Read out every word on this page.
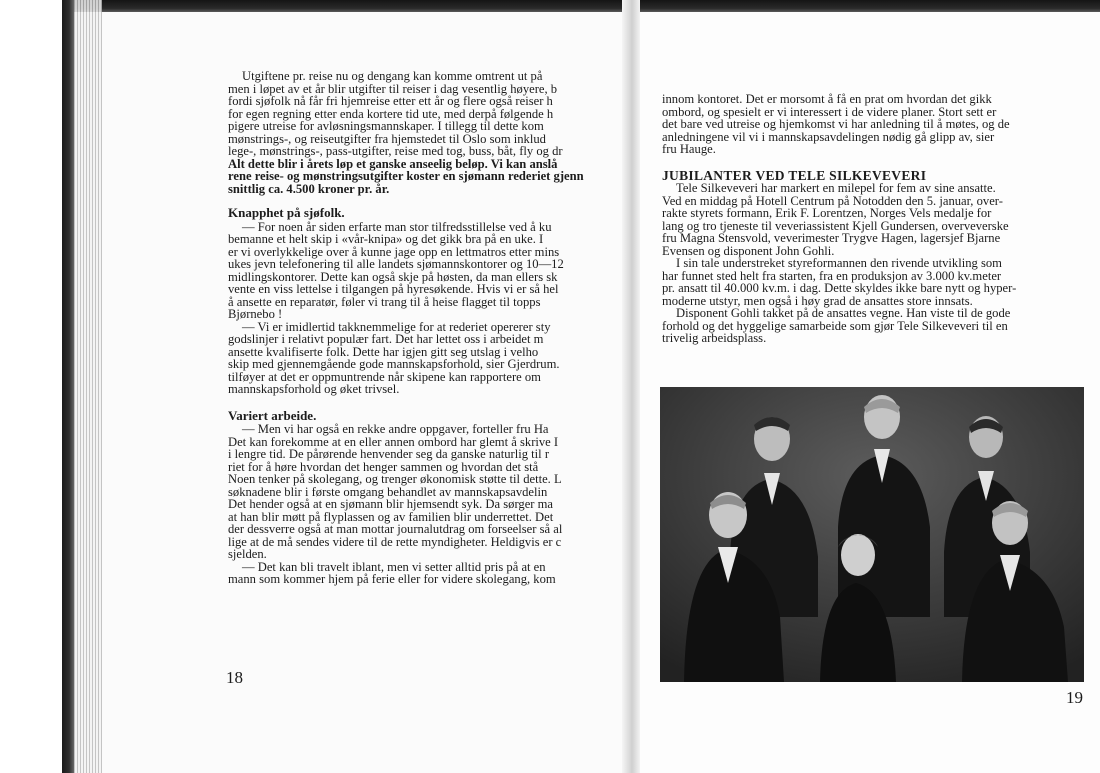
Utgiftene pr. reise nu og dengang kan komme omtrent ut på

men i løpet av et år blir utgifter til reiser i dag vesentlig høyere, b

fordi sjøfolk nå får fri hjemreise etter ett år og flere også reiser h

for egen regning etter enda kortere tid ute, med derpå følgende h

pigere utreise for avløsningsmannskaper. I tillegg til dette kom

mønstrings-, og reiseutgifter fra hjemstedet til Oslo som inklud

lege-, mønstrings-, pass-utgifter, reise med tog, buss, båt, fly og dr

Alt dette blir i årets løp et ganske anseelig beløp. Vi kan anslå

rene reise- og mønstringsutgifter koster en sjømann rederiet gjenn

snittlig ca. 4.500 kroner pr. år.

Knapphet på sjøfolk.

— For noen år siden erfarte man stor tilfredsstillelse ved å ku

bemanne et helt skip i «vår-knipa» og det gikk bra på en uke. I

er vi overlykkelige over å kunne jage opp en lettmatros etter mins

ukes jevn telefonering til alle landets sjømannskontorer og 10—12

midlingskontorer. Dette kan også skje på høsten, da man ellers sk

vente en viss lettelse i tilgangen på hyresøkende. Hvis vi er så hel

å ansette en reparatør, føler vi trang til å heise flagget til topps

Bjørnebo !

— Vi er imidlertid takknemmelige for at rederiet opererer sty

godslinjer i relativt populær fart. Det har lettet oss i arbeidet m

ansette kvalifiserte folk. Dette har igjen gitt seg utslag i velho

skip med gjennemgående gode mannskapsforhold, sier Gjerdrum.

tilføyer at det er oppmuntrende når skipene kan rapportere om

mannskapsforhold og øket trivsel.

Variert arbeide.

— Men vi har også en rekke andre oppgaver, forteller fru Ha

Det kan forekomme at en eller annen ombord har glemt å skrive I

i lengre tid. De pårørende henvender seg da ganske naturlig til r

riet for å høre hvordan det henger sammen og hvordan det stå

Noen tenker på skolegang, og trenger økonomisk støtte til dette. L

søknadene blir i første omgang behandlet av mannskapsavdelin

Det hender også at en sjømann blir hjemsendt syk. Da sørger ma

at han blir møtt på flyplassen og av familien blir underrettet. Det

der dessverre også at man mottar journalutdrag om forseelser så al

lige at de må sendes videre til de rette myndigheter. Heldigvis er c

sjelden.

— Det kan bli travelt iblant, men vi setter alltid pris på at en

mann som kommer hjem på ferie eller for videre skolegang, kom

18

innom kontoret. Det er morsomt å få en prat om hvordan det gikk

ombord, og spesielt er vi interessert i de videre planer. Stort sett er

det bare ved utreise og hjemkomst vi har anledning til å møtes, og de

anledningene vil vi i mannskapsavdelingen nødig gå glipp av, sier

fru Hauge.

JUBILANTER VED TELE SILKEVEVERI

Tele Silkeveveri har markert en milepel for fem av sine ansatte.

Ved en middag på Hotell Centrum på Notodden den 5. januar, over-

rakte styrets formann, Erik F. Lorentzen, Norges Vels medalje for

lang og tro tjeneste til veveriassistent Kjell Gundersen, overveverske

fru Magna Stensvold, veverimester Trygve Hagen, lagersjef Bjarne

Evensen og disponent John Gohli.

I sin tale understreket styreformannen den rivende utvikling som

har funnet sted helt fra starten, fra en produksjon av 3.000 kv.meter

pr. ansatt til 40.000 kv.m. i dag. Dette skyldes ikke bare nytt og hyper-

moderne utstyr, men også i høy grad de ansattes store innsats.

Disponent Gohli takket på de ansattes vegne. Han viste til de gode

forhold og det hyggelige samarbeide som gjør Tele Silkeveveri til en

trivelig arbeidsplass.

19
